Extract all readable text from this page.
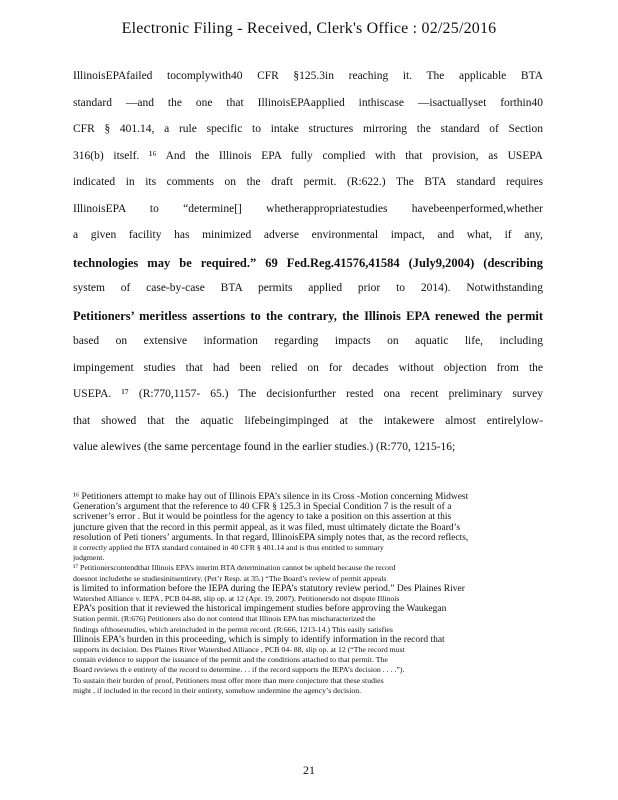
Electronic Filing - Received, Clerk's Office : 02/25/2016
IllinoisEPAfailed tocomplywith40 CFR §125.3in reaching it. The applicable BTA
standard —and the one that IllinoisEPAapplied inthiscase —isactuallyset forthin40
CFR § 401.14, a rule specific to intake structures mirroring the standard of Section
316(b) itself. ¹⁶ And the Illinois EPA fully complied with that provision, as USEPA
indicated in its comments on the draft permit. (R:622.) The BTA standard requires
IllinoisEPA to “determine[] whetherappropriatestudies havebeenperformed,whether
a given facility has minimized adverse environmental impact, and what, if any,
technologies may be required.” 69 Fed.Reg.41576,41584 (July9,2004) (describing
system of case-by-case BTA permits applied prior to 2014). Notwithstanding
Petitioners’ meritless assertions to the contrary, the Illinois EPA renewed the permit
based on extensive information regarding impacts on aquatic life, including
impingement studies that had been relied on for decades without objection from the
USEPA. ¹⁷ (R:770,1157- 65.) The decisionfurther rested ona recent preliminary survey
that showed that the aquatic lifebeingimpinged at the intakewere almost entirelylow-
value alewives (the same percentage found in the earlier studies.) (R:770, 1215-16;
¹⁶ Petitioners attempt to make hay out of Illinois EPA’s silence in its Cross -Motion concerning Midwest
Generation’s argument that the reference to 40 CFR § 125.3 in Special Condition 7 is the result of a
scrivener’s error . But it would be pointless for the agency to take a position on this assertion at this
juncture given that the record in this permit appeal, as it was filed, must ultimately dictate the Board’s
resolution of Peti tioners’ arguments. In that regard, IllinoisEPA simply notes that, as the record reflects,
it correctly applied the BTA standard contained in 40 CFR § 401.14 and is thus entitled to summary
judgment.
¹⁷ Petitionerscontendthat Illinois EPA’s interim BTA determination cannot be upheld because the record
doesnot includethe se studiesinitsentirety. (Pet’r Resp. at 35.) “The Board’s review of permit appeals
is limited to information before the IEPA during the IEPA’s statutory review period.” Des Plaines River
Watershed Alliance v. IEPA , PCB 04-88, slip op. at 12 (Apr. 19, 2007). Petitionersdo not dispute Illinois
EPA’s position that it reviewed the historical impingement studies before approving the Waukegan
Station permit. (R:676) Petitioners also do not contend that Illinois EPA has mischaracterized the
findings ofthosestudies, which areincluded in the permit record. (R:666, 1213-14.) This easily satisfies
Illinois EPA’s burden in this proceeding, which is simply to identify information in the record that
supports its decision. Des Plaines River Watershed Alliance , PCB 04- 88, slip op. at 12 (“The record must
contain evidence to support the issuance of the permit and the conditions attached to that permit. The
Board reviews th e entirety of the record to determine. . . if the record supports the IEPA’s decision . . . .”).
To sustain their burden of proof, Petitioners must offer more than mere conjecture that these studies
might , if included in the record in their entirety, somehow undermine the agency’s decision.
21
